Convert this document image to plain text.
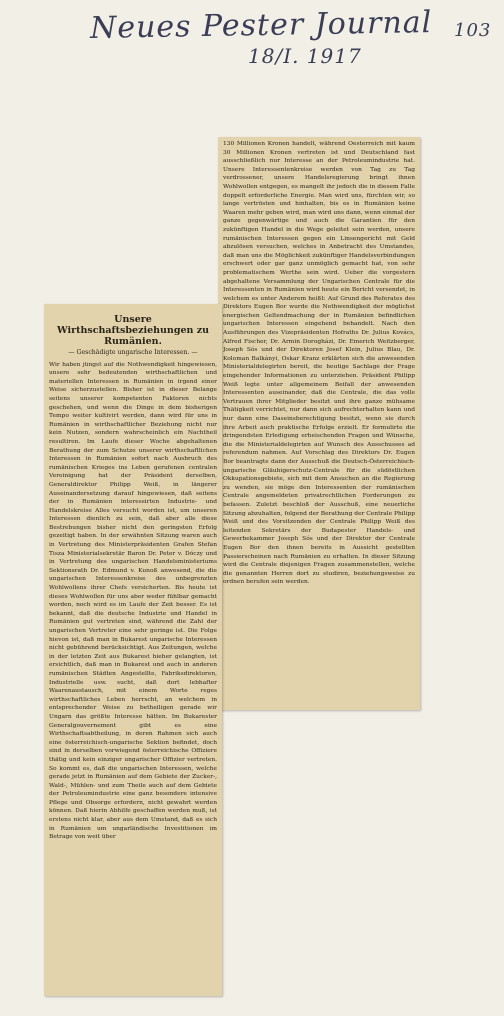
Neues Pester Journal 103
18/I. 1917
130 Millionen Kronen handelt, während Oesterreich mit kaum 30 Millionen Kronen vertreten ist und Deutschland fast ausschließlich nur Interesse an der Petroleumindustrie hat. Unsere Interessentenkreise werden von Tag zu Tag verdrossener, unsere Handelsregierung bringt ihnen Wohlwollen entgegen, es mangelt ihr jedoch die in diesem Falle doppelt erforderliche Energie. Man wird uns, fürchten wir, so lange vertrösten und hinhalten, bis es in Rumänien keine Waaren mehr geben wird, man wird uns dann, wenn einmal der ganze gegenwärtige und auch die Garantien für den zukünftigen Handel in die Wege geleitet sein werden, unsere rumänischen Interessen gegen ein Linsengericht mit Geld abzulösen versuchen, welches in Anbetracht des Umstandes, daß man uns die Möglichkeit zukünftiger Handelsverbindungen erschwert oder gar ganz unmöglich gemacht hat, von sehr problematischem Werthe sein wird. Ueber die vorgestern abgehaltene Versammlung der Ungarischen Centrale für die Interessenten in Rumänien wird heute ein Bericht versendet, in welchem es unter Anderem heißt: Auf Grund des Referates des Direktors Eugen Bor wurde die Nothwendigkeit der möglichst energischen Geltendmachung der in Rumänien befindlichen ungarischen Interessen eingehend behandelt. Nach den Ausführungen des Vizepräsidenten Hofraths Dr. Julius Kovács, Alfred Fischer, Dr. Armin Dorogházi, Dr. Emerich Weitzberger, Joseph Sós und der Direktoren Josef Klein, Julius Blau, Dr. Koloman Balkányi, Oskar Kranz erklärten sich die anwesenden Ministerialdelegirten bereit, die heutige Sachlage der Frage eingehender Informationen zu unterziehen. Präsident Philipp Weiß legte unter allgemeinem Beifall der anwesenden Interessenten auseinander, daß die Centrale, die das volle Vertrauen ihrer Mitglieder besitzt und ihre ganze mühsame Thätigkeit verrichtet, nur dann sich aufrechterhalten kann und nur dann eine Daseinsberechtigung besitzt, wenn sie durch ihre Arbeit auch praktische Erfolge erzielt. Er formulirte die dringendsten Erledigung erheischenden Fragen und Wünsche, die die Ministerialdelegirten auf Wunsch des Ausschusses ad referendum nahmen. Auf Vorschlag des Direktors Dr. Eugen Bor beantragte dann der Ausschuß die Deutsch-Österreichisch-ungarische Gläubigerschutz-Centrale für die südöstlichen Okkupationsgebiete, sich mit dem Ansuchen an die Regierung zu wenden, sie möge den Interessenten der rumänischen Centrale angemeldeten privatrechtlichen Forderungen zu befassen. Zuletzt beschloß der Ausschuß, eine neuerliche Sitzung abzuhalten, folgend der Berathung der Centrale Philipp Weiß und des Vorsitzenden der Centrale Philipp Weiß des leitenden Sekretärs der Budapester Handels- und Gewerbekammer Joseph Sós und der Direktor der Centrale Eugen Bor den ihnen bereits in Aussicht gestellten Passierscheinen nach Rumänien zu erhalten. In dieser Sitzung wird die Centrale diejenigen Fragen zusammenstellen, welche die genannten Herren dort zu studiren, beziehungsweise zu ordnen berufen sein werden.
Unsere Wirthschaftsbeziehungen zu Rumänien.
— Geschädigte ungarische Interessen. —
Wir haben jüngst auf die Nothwendigkeit hingewiesen, unsere sehr bedeutenden wirthschaftlichen und materiellen Interessen in Rumänien in irgend einer Weise sicherzustellen. Bisher ist in dieser Belange seitens unserer kompetenten Faktoren nichts geschehen, und wenn die Dinge in dem bisherigen Tempo weiter kultivirt werden, dann wird für uns in Rumänien in wirthschaftlicher Beziehung nicht nur kein Nutzen, sondern wahrscheinlich ein Nachtheil resultiren. Im Laufe dieser Woche abgehaltenen Berathung der zum Schutze unserer wirthschaftlichen Interessen in Rumänien sofort nach Ausbruch des rumänischen Krieges ins Leben gerufenen centralen Vereinigung hat der Präsident derselben, Generaldirektor Philipp Weiß, in längerer Auseinandersetzung darauf hingewiesen, daß seitens der in Rumänien interessirten Industrie- und Handelskreise Alles versucht worden ist, um unseren Interessen dienlich zu sein, daß aber alle diese Bestrebungen bisher nicht den geringsten Erfolg gezeitigt haben. In der erwähnten Sitzung waren auch in Vertretung des Ministerpräsidenten Grafen Stefan Tisza Ministerialsekretär Baron Dr. Peter v. Dóczy und in Vertretung des ungarischen Handelsministeriums Sektionsrath Dr. Edmund v. Kunoß anwesend, die die ungarischen Interessenkreise des unbegrenzten Wohlwollens ihrer Chefs versicherten. Bis heute ist dieses Wohlwollen für uns aber weder fühlbar gemacht worden, noch wird es im Laufe der Zeit besser. Es ist bekannt, daß die deutsche Industrie und Handel in Rumänien gut vertreten sind, während die Zahl der ungarischen Vertreter eine sehr geringe ist. Die Folge hievon ist, daß man in Bukarest ungarische Interessen nicht gebührend berücksichtigt. Aus Zeitungen, welche in der letzten Zeit aus Bukarest hieher gelangten, ist ersichtlich, daß man in Bukarest und auch in anderen rumänischen Städten Angestellte, Fabriksdirektoren, Industrielle usw. sucht, daß dort lebhafter Waarenaustausch, mit einem Worte reges wirthschaftliches Leben herrscht, an welchem in entsprechender Weise zu betheiligen gerade wir Ungarn das größte Interesse hätten. Im Bukarester Generalgouvernement gibt es eine Wirthschaftsabtheilung, in deren Rahmen sich auch eine österreichisch-ungarische Sektion befindet, doch sind in derselben vorwiegend österreichische Offiziere thätig und kein einziger ungarischer Offizier vertreten. So kommt es, daß die ungarischen Interessen, welche gerade jetzt in Rumänien auf dem Gebiete der Zucker-, Wald-, Mühlen- und zum Theile auch auf dem Gebiete der Petroleumindustrie eine ganz besondere intensive Pflege und Obsorge erfordern, nicht gewahrt werden können. Daß hierin Abhilfe geschaffen werden muß, ist erstens nicht klar, aber aus dem Umstand, daß es sich in Rumänien um ungarländische Investitionen im Betrage von weit über
